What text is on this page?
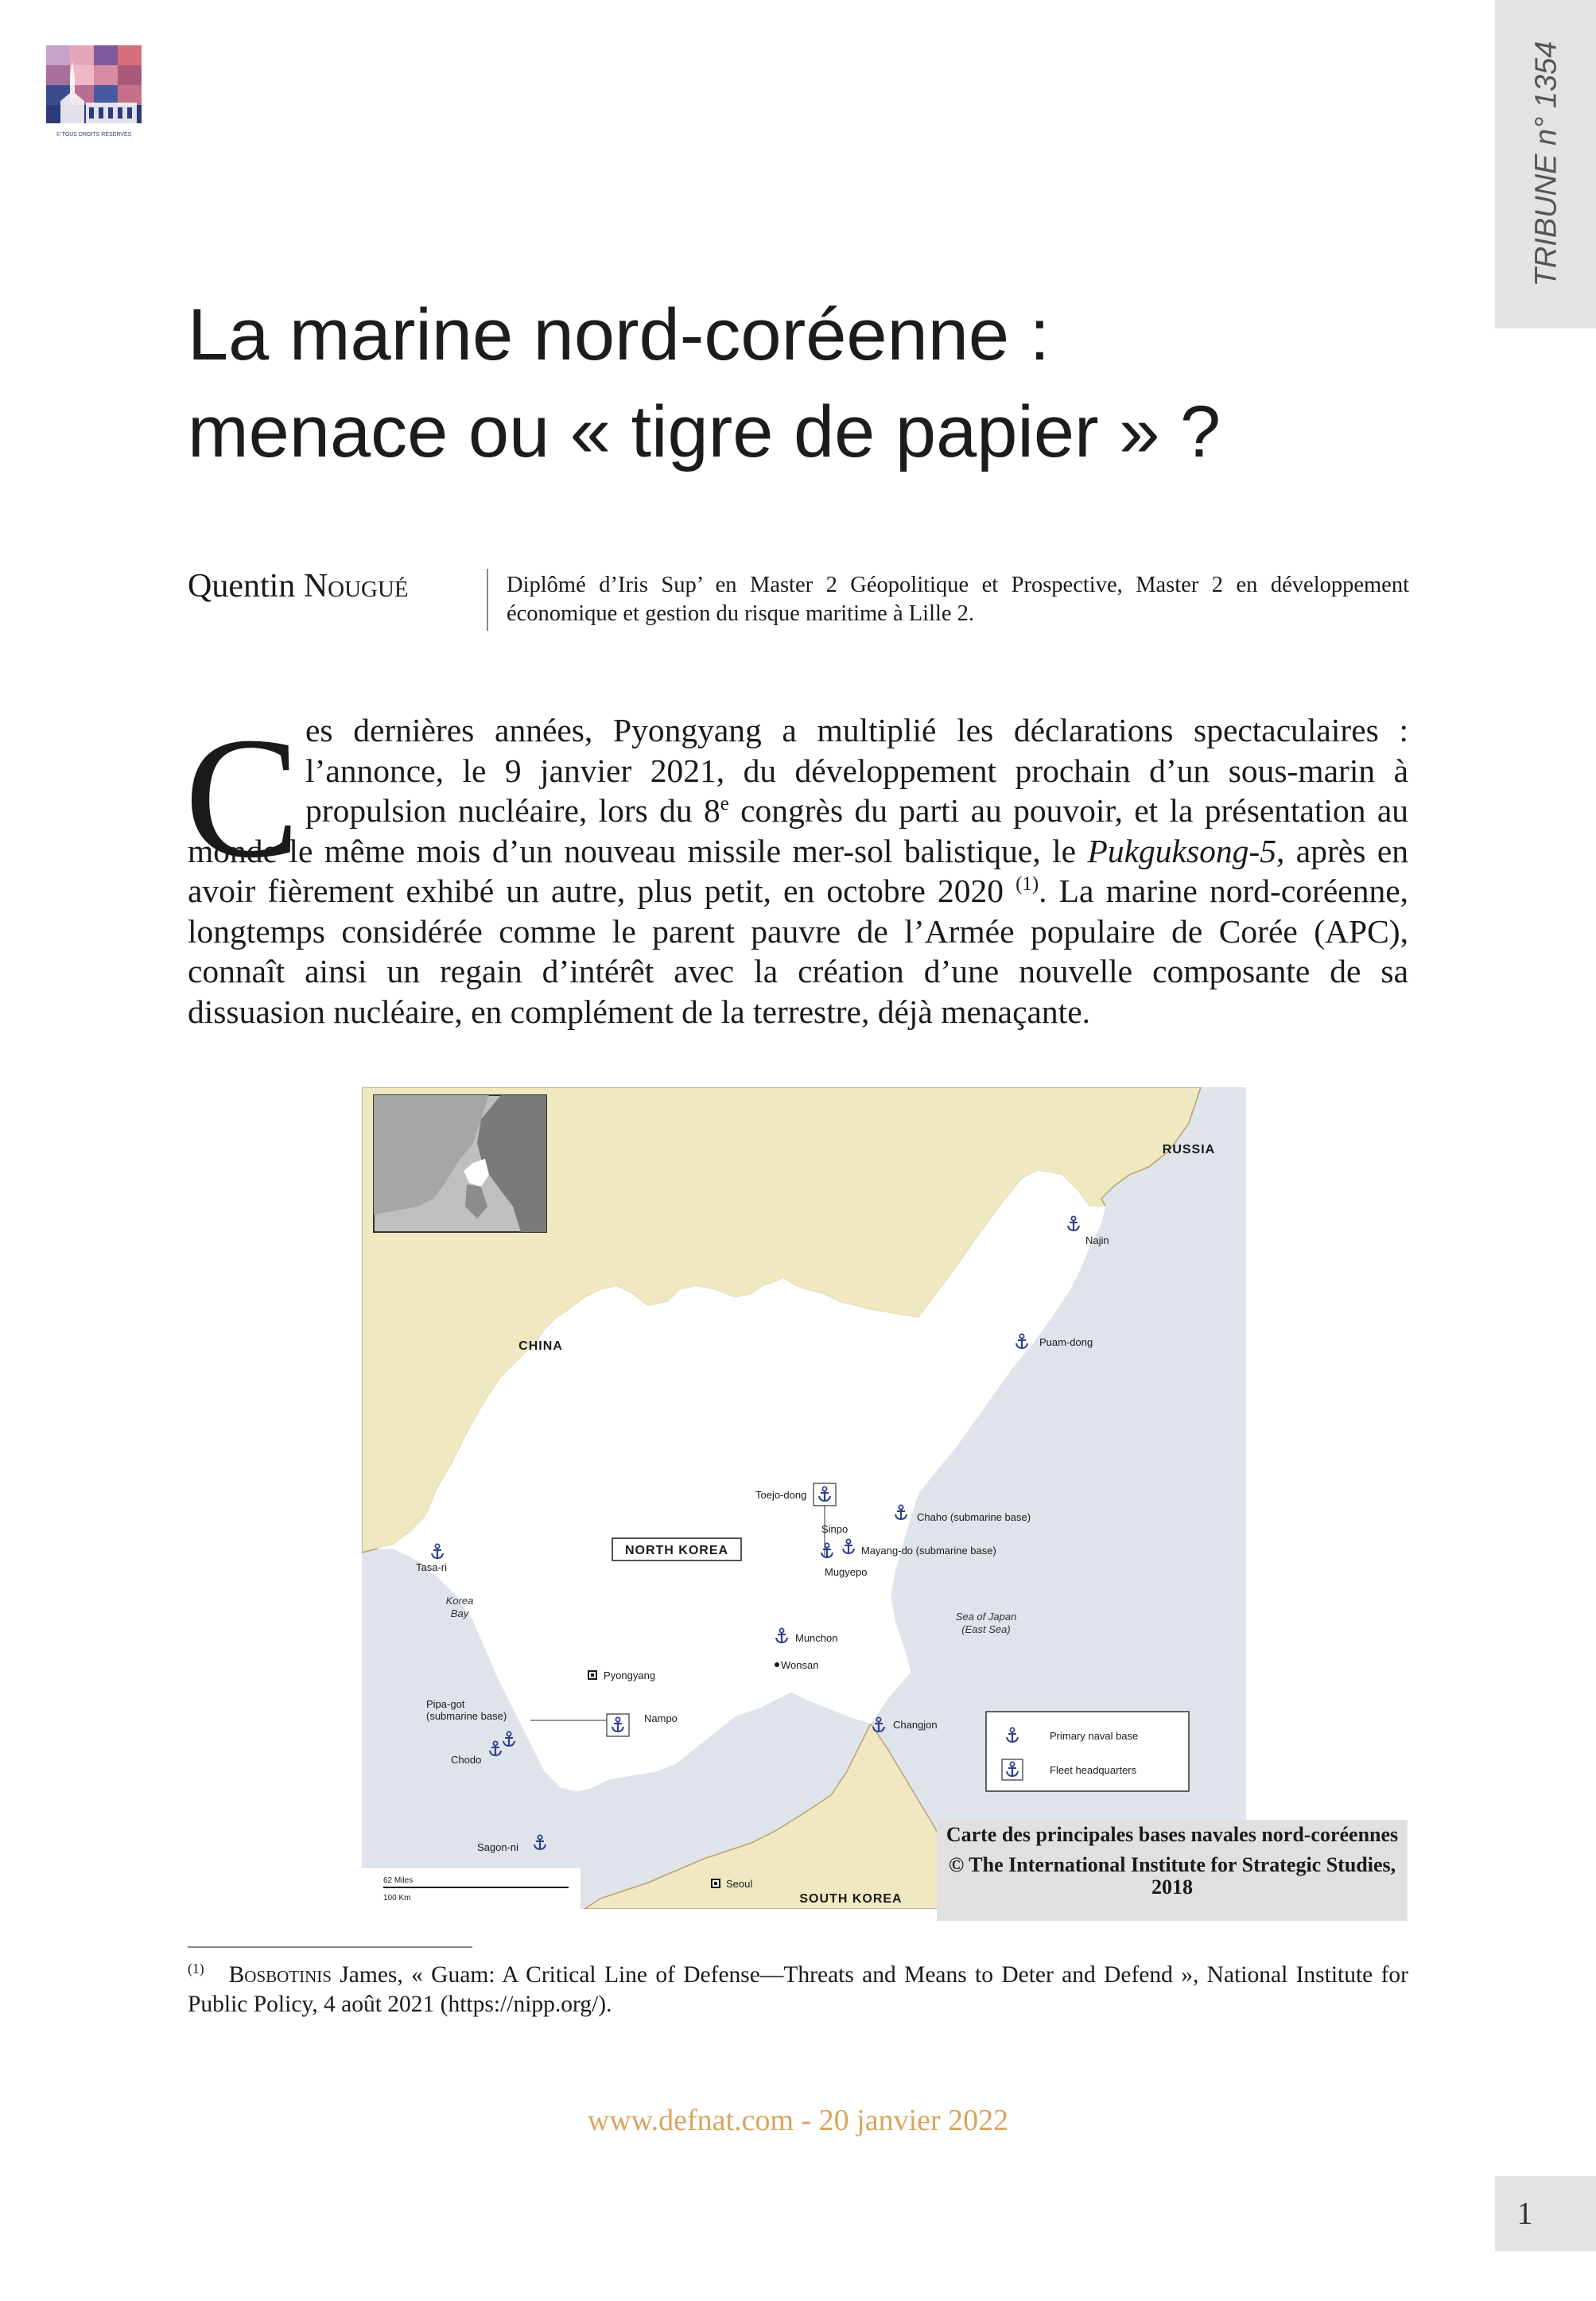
© TOUS DROITS RÉSERVÉS	TRIBUNE n° 1354
La marine nord-coréenne :
menace ou « tigre de papier » ?
Quentin Nougué	Diplômé d’Iris Sup’ en Master 2 Géopolitique et Prospective, Master 2 en développement économique et gestion du risque maritime à Lille 2.
C es dernières années, Pyongyang a multiplié les déclarations spectaculaires : l’annonce, le 9 janvier 2021, du développement prochain d’un sous-marin à propulsion nucléaire, lors du 8e congrès du parti au pouvoir, et la présentation au monde le même mois d’un nouveau missile mer-sol balistique, le Pukguksong-5, après en avoir fièrement exhibé un autre, plus petit, en octobre 2020 $^{(1)}$. La marine nord-coréenne, longtemps considérée comme le parent pauvre de l’Armée populaire de Corée (APC), connaît ainsi un regain d’intérêt avec la création d’une nouvelle composante de sa dissuasion nucléaire, en complément de la terrestre, déjà menaçante.

RUSSIA
CHINA
NORTH KOREA
SOUTH KOREA
Sea of Japan
(East Sea)
Korea
Bay
Najin
Puam-dong
Toejo-dong
Sinpo
Chaho (submarine base)
Mayang-do (submarine base)
Mugyepo
Munchon
Wonsan
Changjon
Pyongyang
Nampo
Tasa-ri
Pipa-got
(submarine base)
Chodo
Sagon-ni
Seoul
Primary naval base
Fleet headquarters
62 Miles
100 Km
Carte des principales bases navales nord-coréennes
© The International Institute for Strategic Studies, 2018
$^{(1)}$ Bosbotinis James, « Guam: A Critical Line of Defense—Threats and Means to Deter and Defend », National Institute for Public Policy, 4 août 2021 (https://nipp.org/).
www.defnat.com - 20 janvier 2022
1
